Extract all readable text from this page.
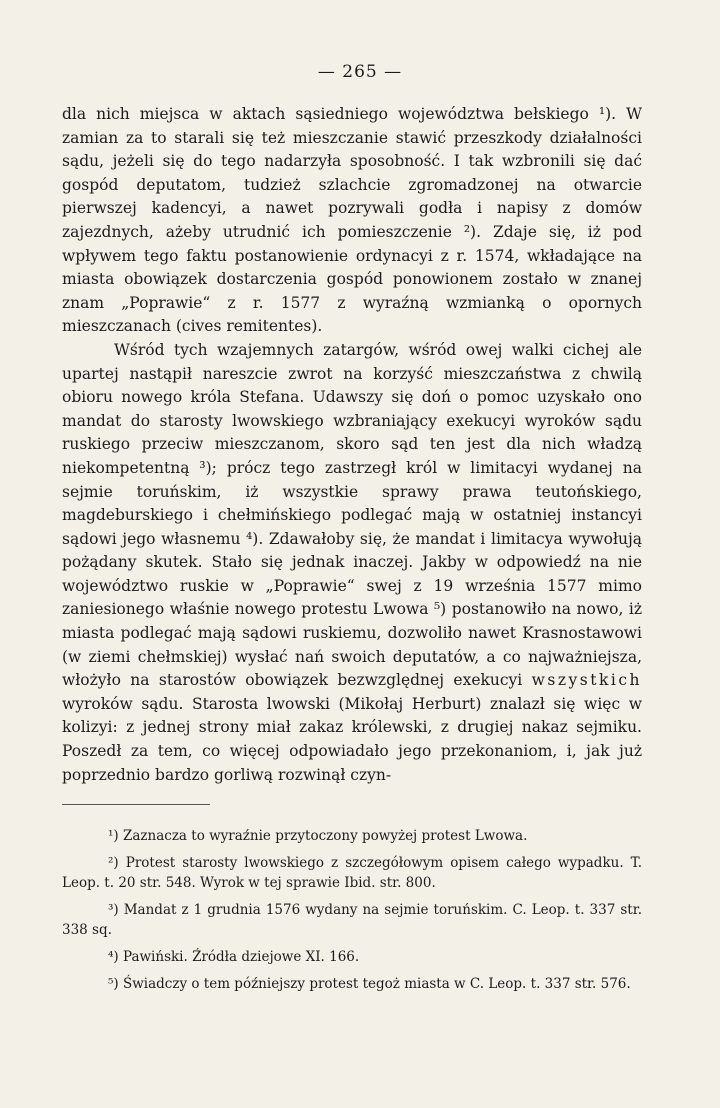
— 265 —

dla nich miejsca w aktach sąsiedniego województwa bełskiego ¹). W zamian za to starali się też mieszczanie stawić przeszkody działalności sądu, jeżeli się do tego nadarzyła sposobność. I tak wzbronili się dać gospód deputatom, tudzież szlachcie zgromadzonej na otwarcie pierwszej kadencyi, a nawet pozrywali godła i napisy z domów zajezdnych, ażeby utrudnić ich pomieszczenie ²). Zdaje się, iż pod wpływem tego faktu postanowienie ordynacyi z r. 1574, wkładające na miasta obowiązek dostarczenia gospód ponowionem zostało w znanej znam „Poprawie“ z r. 1577 z wyraźną wzmianką o opornych mieszczanach (cives remitentes).

Wśród tych wzajemnych zatargów, wśród owej walki cichej ale upartej nastąpił nareszcie zwrot na korzyść mieszczaństwa z chwilą obioru nowego króla Stefana. Udawszy się doń o pomoc uzyskało ono mandat do starosty lwowskiego wzbraniający exekucyi wyroków sądu ruskiego przeciw mieszczanom, skoro sąd ten jest dla nich władzą niekompetentną ³); prócz tego zastrzegł król w limitacyi wydanej na sejmie toruńskim, iż wszystkie sprawy prawa teutońskiego, magdeburskiego i chełmińskiego podlegać mają w ostatniej instancyi sądowi jego własnemu ⁴). Zdawałoby się, że mandat i limitacya wywołują pożądany skutek. Stało się jednak inaczej. Jakby w odpowiedź na nie województwo ruskie w „Poprawie“ swej z 19 września 1577 mimo zaniesionego właśnie nowego protestu Lwowa ⁵) postanowiło na nowo, iż miasta podlegać mają sądowi ruskiemu, dozwoliło nawet Krasnostawowi (w ziemi chełmskiej) wysłać nań swoich deputatów, a co najważniejsza, włożyło na starostów obowiązek bezwzględnej exekucyi wszystkich wyroków sądu. Starosta lwowski (Mikołaj Herburt) znalazł się więc w kolizyi: z jednej strony miał zakaz królewski, z drugiej nakaz sejmiku. Poszedł za tem, co więcej odpowiadało jego przekonaniom, i, jak już poprzednio bardzo gorliwą rozwinął czyn-

¹) Zaznacza to wyraźnie przytoczony powyżej protest Lwowa.

²) Protest starosty lwowskiego z szczegółowym opisem całego wypadku. T. Leop. t. 20 str. 548. Wyrok w tej sprawie Ibid. str. 800.

³) Mandat z 1 grudnia 1576 wydany na sejmie toruńskim. C. Leop. t. 337 str. 338 sq.

⁴) Pawiński. Źródła dziejowe XI. 166.

⁵) Świadczy o tem późniejszy protest tegoż miasta w C. Leop. t. 337 str. 576.
